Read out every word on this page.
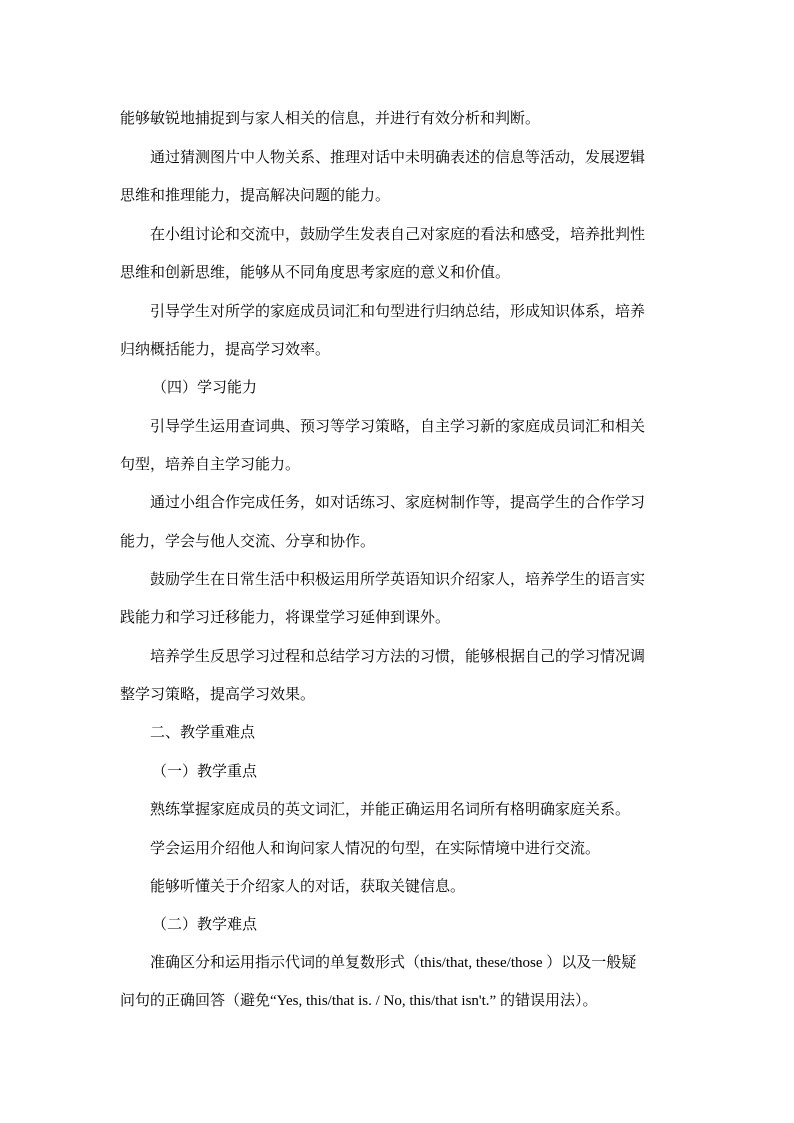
能够敏锐地捕捉到与家人相关的信息，并进行有效分析和判断。
通过猜测图片中人物关系、推理对话中未明确表述的信息等活动，发展逻辑
思维和推理能力，提高解决问题的能力。
在小组讨论和交流中，鼓励学生发表自己对家庭的看法和感受，培养批判性
思维和创新思维，能够从不同角度思考家庭的意义和价值。
引导学生对所学的家庭成员词汇和句型进行归纳总结，形成知识体系，培养
归纳概括能力，提高学习效率。
（四）学习能力
引导学生运用查词典、预习等学习策略，自主学习新的家庭成员词汇和相关
句型，培养自主学习能力。
通过小组合作完成任务，如对话练习、家庭树制作等，提高学生的合作学习
能力，学会与他人交流、分享和协作。
鼓励学生在日常生活中积极运用所学英语知识介绍家人，培养学生的语言实
践能力和学习迁移能力，将课堂学习延伸到课外。
培养学生反思学习过程和总结学习方法的习惯，能够根据自己的学习情况调
整学习策略，提高学习效果。
二、教学重难点
（一）教学重点
熟练掌握家庭成员的英文词汇，并能正确运用名词所有格明确家庭关系。
学会运用介绍他人和询问家人情况的句型，在实际情境中进行交流。
能够听懂关于介绍家人的对话，获取关键信息。
（二）教学难点
准确区分和运用指示代词的单复数形式（this/that, these/those ）以及一般疑
问句的正确回答（避免“Yes, this/that is. / No, this/that isn't.” 的错误用法）。
